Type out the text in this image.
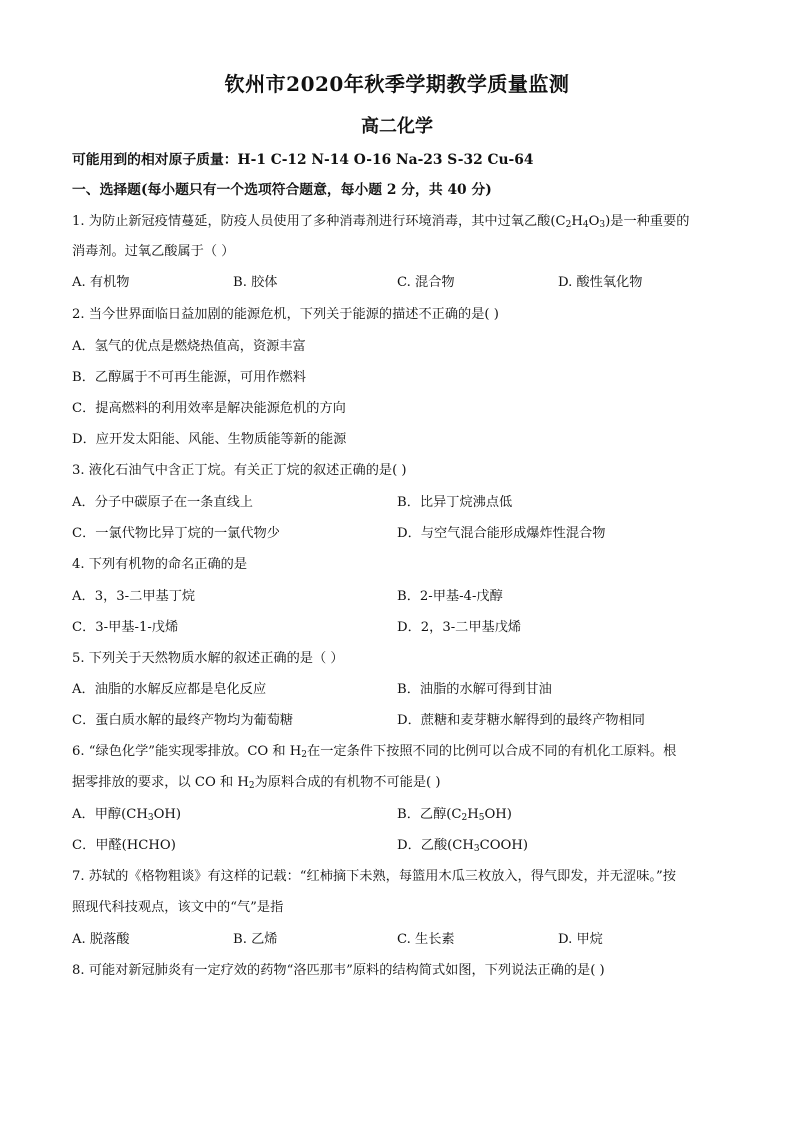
钦州市2020年秋季学期教学质量监测
高二化学
可能用到的相对原子质量：H-1 C-12 N-14 O-16 Na-23 S-32 Cu-64
一、选择题(每小题只有一个选项符合题意，每小题 2 分，共 40 分)
1. 为防止新冠疫情蔓延，防疫人员使用了多种消毒剂进行环境消毒，其中过氧乙酸$(C_2H_4O_3)$是一种重要的
消毒剂。过氧乙酸属于（ ）
A. 有机物	B. 胶体	C. 混合物	D. 酸性氧化物
2. 当今世界面临日益加剧的能源危机，下列关于能源的描述不正确的是( )
A．氢气的优点是燃烧热值高，资源丰富
B．乙醇属于不可再生能源，可用作燃料
C．提高燃料的利用效率是解决能源危机的方向
D．应开发太阳能、风能、生物质能等新的能源
3. 液化石油气中含正丁烷。有关正丁烷的叙述正确的是( )
A．分子中碳原子在一条直线上	B．比异丁烷沸点低
C．一氯代物比异丁烷的一氯代物少	D．与空气混合能形成爆炸性混合物
4. 下列有机物的命名正确的是
A．3，3-二甲基丁烷	B．2-甲基-4-戊醇
C．3-甲基-1-戊烯	D．2，3-二甲基戊烯
5. 下列关于天然物质水解的叙述正确的是（ ）
A．油脂的水解反应都是皂化反应	B．油脂的水解可得到甘油
C．蛋白质水解的最终产物均为葡萄糖	D．蔗糖和麦芽糖水解得到的最终产物相同
6. “绿色化学”能实现零排放。CO 和 $H_2$在一定条件下按照不同的比例可以合成不同的有机化工原料。根
据零排放的要求，以 CO 和 $H_2$为原料合成的有机物不可能是( )
A．甲醇$(CH_3OH)$	B．乙醇$(C_2H_5OH)$
C．甲醛(HCHO)	D．乙酸$(CH_3COOH)$
7. 苏轼的《格物粗谈》有这样的记载：“红柿摘下未熟，每篮用木瓜三枚放入，得气即发，并无涩味。”按
照现代科技观点，该文中的“气”是指
A. 脱落酸	B. 乙烯	C. 生长素	D. 甲烷
8. 可能对新冠肺炎有一定疗效的药物“洛匹那韦”原料的结构简式如图，下列说法正确的是( )
